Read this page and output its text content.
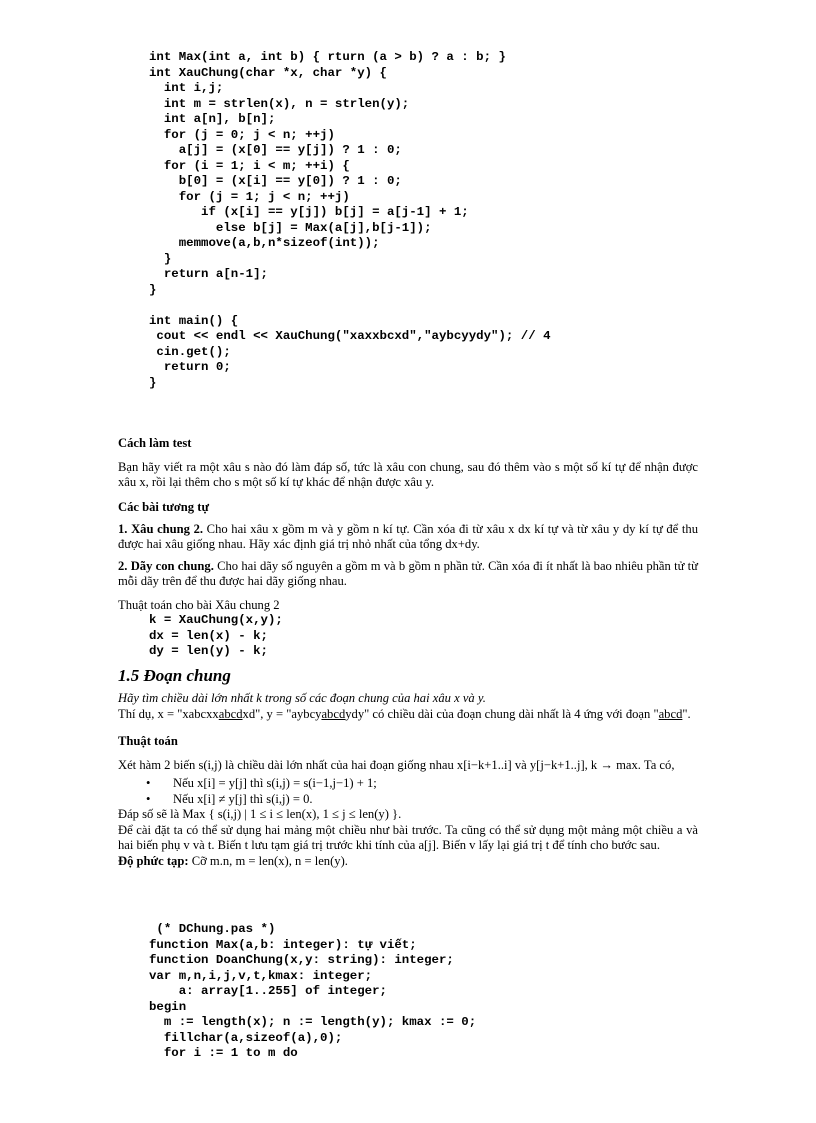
int Max(int a, int b) { rturn (a > b) ? a : b; }
int XauChung(char *x, char *y) {
int i,j;
int m = strlen(x), n = strlen(y);
int a[n], b[n];
for (j = 0; j < n; ++j)
a[j] = (x[0] == y[j]) ? 1 : 0;
for (i = 1; i < m; ++i) {
b[0] = (x[i] == y[0]) ? 1 : 0;
for (j = 1; j < n; ++j)
if (x[i] == y[j]) b[j] = a[j-1] + 1;
else b[j] = Max(a[j],b[j-1]);
memmove(a,b,n*sizeof(int));
}
return a[n-1];
}
int main() {
cout << endl << XauChung("xaxxbcxd","aybcyydy"); // 4
cin.get();
return 0;
}

Cách làm test

Bạn hãy viết ra một xâu s nào đó làm đáp số, tức là xâu con chung, sau đó thêm vào s một số kí tự để nhận được xâu x, rồi lại thêm cho s một số kí tự khác để nhận được xâu y.

Các bài tương tự

1. Xâu chung 2. Cho hai xâu x gồm m và y gồm n kí tự. Cần xóa đi từ xâu x dx kí tự và từ xâu y dy kí tự để thu được hai xâu giống nhau. Hãy xác định giá trị nhỏ nhất của tổng dx+dy.

2. Dãy con chung. Cho hai dãy số nguyên a gồm m và b gồm n phần tử. Cần xóa đi ít nhất là bao nhiêu phần tử từ mỗi dãy trên để thu được hai dãy giống nhau.

Thuật toán cho bài Xâu chung 2

k = XauChung(x,y);
dx = len(x) - k;
dy = len(y) - k;
1.5 Đoạn chung

Hãy tìm chiều dài lớn nhất k trong số các đoạn chung của hai xâu x và y.

Thí dụ, x = "xabcxxabcdxd", y = "aybcyabcdydy" có chiều dài của đoạn chung dài nhất là 4 ứng với đoạn "abcd".

Thuật toán

Xét hàm 2 biến s(i,j) là chiều dài lớn nhất của hai đoạn giống nhau x[i−k+1..i] và y[j−k+1..j], k → max. Ta có,

• Nếu x[i] = y[j] thì s(i,j) = s(i−1,j−1) + 1;
• Nếu x[i] ≠ y[j] thì s(i,j) = 0.

Đáp số sẽ là Max { s(i,j) | 1 ≤ i ≤ len(x), 1 ≤ j ≤ len(y) }.

Để cài đặt ta có thể sử dụng hai mảng một chiều như bài trước. Ta cũng có thể sử dụng một mảng một chiều a và hai biến phụ v và t. Biến t lưu tạm giá trị trước khi tính của a[j]. Biến v lấy lại giá trị t để tính cho bước sau.

Độ phức tạp: Cỡ m.n, m = len(x), n = len(y).

(* DChung.pas *)
function Max(a,b: integer): tự viết;
function DoanChung(x,y: string): integer;
var m,n,i,j,v,t,kmax: integer;
a: array[1..255] of integer;
begin
m := length(x); n := length(y); kmax := 0;
fillchar(a,sizeof(a),0);
for i := 1 to m do
